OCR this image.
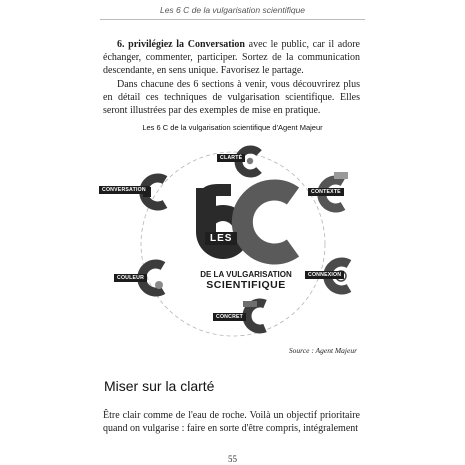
Les 6 C de la vulgarisation scientifique
6. privilégiez la Conversation avec le public, car il adore échanger, commenter, participer. Sortez de la communication descendante, en sens unique. Favorisez le partage.
Dans chacune des 6 sections à venir, vous découvrirez plus en détail ces techniques de vulgarisation scientifique. Elles seront illustrées par des exemples de mise en pratique.
Les 6 C de la vulgarisation scientifique d'Agent Majeur
LES
DE LA VULGARISATION
SCIENTIFIQUE
CLARTÉ
CONTEXTE
CONNEXION
CONCRET
COULEUR
CONVERSATION
Source : Agent Majeur
Miser sur la clarté
Être clair comme de l'eau de roche. Voilà un objectif prioritaire quand on vulgarise : faire en sorte d'être compris, intégralement
55
